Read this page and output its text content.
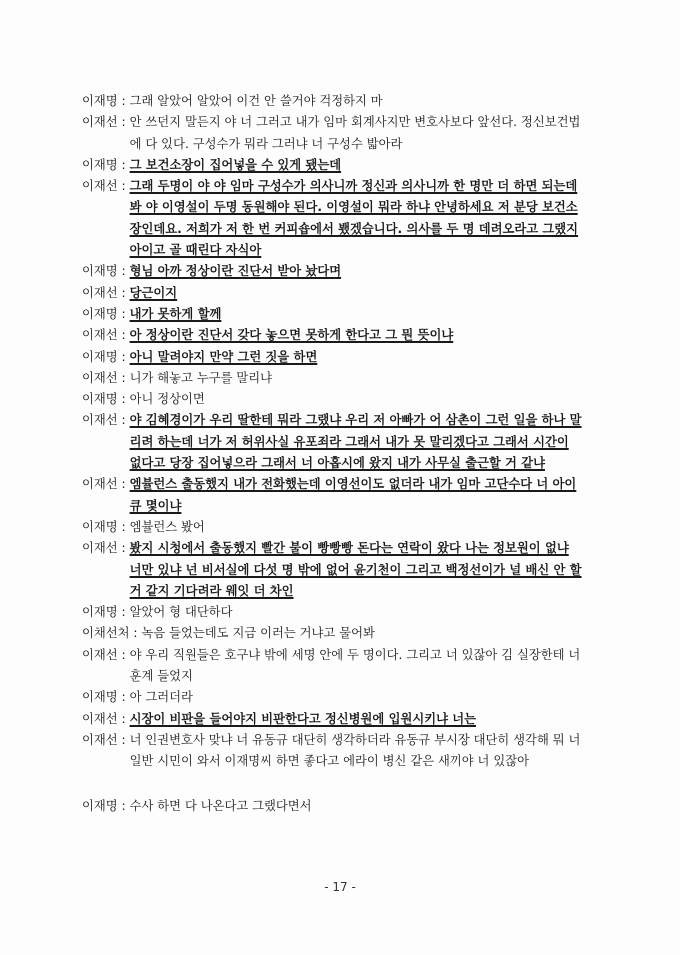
이재명 : 그래 알았어 알았어 이건 안 쓸거야 걱정하지 마
이재선 : 안 쓰던지 말든지 야 너 그러고 내가 임마 회계사지만 변호사보다 앞선다. 정신보건법에 다 있다. 구성수가 뭐라 그러냐 너 구성수 밟아라
이재명 : 그 보건소장이 집어넣을 수 있게 됐는데
이재선 : 그래 두명이 야 야 임마 구성수가 의사니까 정신과 의사니까 한 명만 더 하면 되는데 봐 야 이영설이 두명 동원해야 된다. 이영설이 뭐라 하냐 안녕하세요 저 분당 보건소장인데요. 저희가 저 한 번 커피숍에서 뵀겠습니다. 의사를 두 명 데려오라고 그랬지 아이고 골 때린다 자식아
이재명 : 형님 아까 정상이란 진단서 받아 놨다며
이재선 : 당근이지
이재명 : 내가 못하게 할께
이재선 : 아 정상이란 진단서 갖다 놓으면 못하게 한다고 그 뭔 뜻이냐
이재명 : 아니 말려야지 만약 그런 짓을 하면
이재선 : 니가 해놓고 누구를 말리냐
이재명 : 아니 정상이면
이재선 : 야 김혜경이가 우리 딸한테 뭐라 그랬냐 우리 저 아빠가 어 삼촌이 그런 일을 하나 말리려 하는데 너가 저 허위사실 유포죄라 그래서 내가 못 말리겠다고 그래서 시간이 없다고 당장 집어넣으라 그래서 너 아홉시에 왔지 내가 사무실 출근할 거 같냐
이재선 : 엠뷸런스 출동했지 내가 전화했는데 이영선이도 없더라 내가 임마 고단수다 너 아이큐 몇이냐
이재명 : 엠뷸런스 봤어
이재선 : 봤지 시청에서 출동했지 빨간 불이 빵빵빵 돈다는 연락이 왔다 나는 정보원이 없냐 너만 있냐 넌 비서실에 다섯 명 밖에 없어 윤기천이 그리고 백정선이가 널 배신 안 할 거 같지 기다려라 웨잇 더 차인
이재명 : 알았어 형 대단하다
이채선처 : 녹음 들었는데도 지금 이러는 거냐고 물어봐
이재선 : 야 우리 직원들은 호구냐 밖에 세명 안에 두 명이다. 그리고 너 있잖아 김 실장한테 너 훈계 들었지
이재명 : 아 그러더라
이재선 : 시장이 비판을 들어야지 비판한다고 정신병원에 입원시키냐 너는
이재선 : 너 인권변호사 맞냐 너 유동규 대단히 생각하더라 유동규 부시장 대단히 생각해 뭐 너 일반 시민이 와서 이재명씨 하면 좋다고 에라이 병신 같은 새끼야 너 있잖아
이재명 : 수사 하면 다 나온다고 그랬다면서
- 17 -
